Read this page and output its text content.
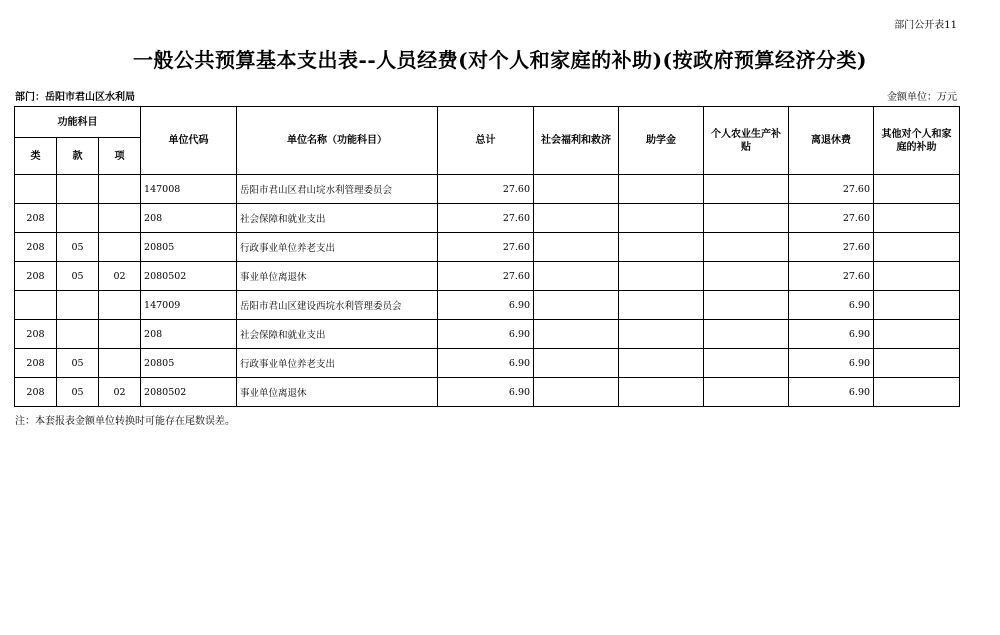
部门公开表11
一般公共预算基本支出表--人员经费(对个人和家庭的补助)(按政府预算经济分类)
部门：岳阳市君山区水利局	金额单位：万元
功能科目			单位代码	单位名称（功能科目）	总计	社会福利和救济	助学金	个人农业生产补贴	离退休费	其他对个人和家庭的补助
类	款	项								
			147008	岳阳市君山区君山垸水利管理委员会	27.60				27.60	
208			208	社会保障和就业支出	27.60				27.60	
208	05		20805	行政事业单位养老支出	27.60				27.60	
208	05	02	2080502	事业单位离退休	27.60				27.60	
			147009	岳阳市君山区建设西垸水利管理委员会	6.90				6.90	
208			208	社会保障和就业支出	6.90				6.90	
208	05		20805	行政事业单位养老支出	6.90				6.90	
208	05	02	2080502	事业单位离退休	6.90				6.90	
注：本套报表金额单位转换时可能存在尾数误差。
